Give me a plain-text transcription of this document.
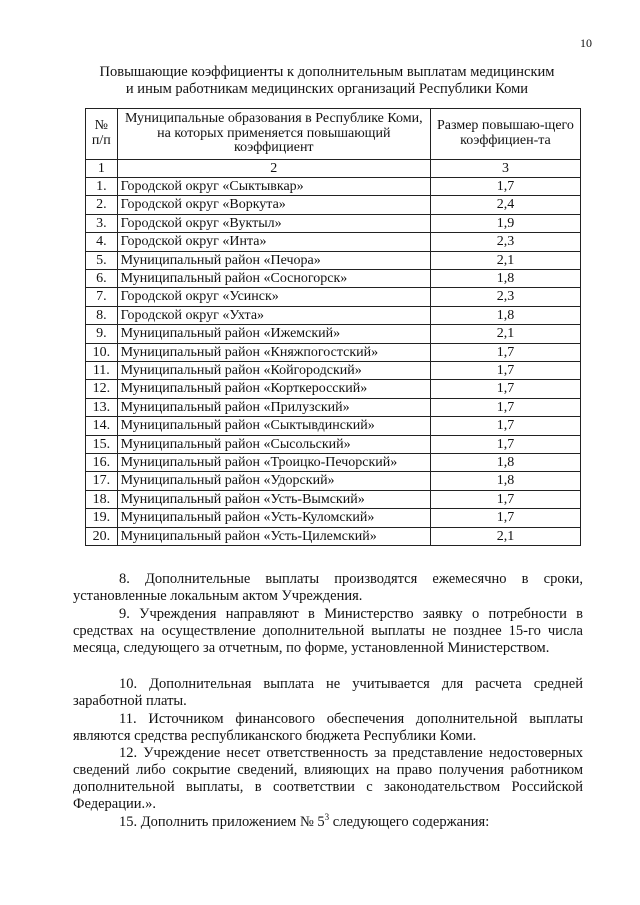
10
Повышающие коэффициенты к дополнительным выплатам медицинским
и иным работникам медицинских организаций Республики Коми
№ п/п	Муниципальные образования в Республике Коми, на которых применяется повышающий коэффициент	Размер повышаю-щего коэффициен-та
1	2	3
1.	Городской округ «Сыктывкар»	1,7
2.	Городской округ «Воркута»	2,4
3.	Городской округ «Вуктыл»	1,9
4.	Городской округ «Инта»	2,3
5.	Муниципальный район «Печора»	2,1
6.	Муниципальный район «Сосногорск»	1,8
7.	Городской округ «Усинск»	2,3
8.	Городской округ «Ухта»	1,8
9.	Муниципальный район «Ижемский»	2,1
10.	Муниципальный район «Княжпогостский»	1,7
11.	Муниципальный район «Койгородский»	1,7
12.	Муниципальный район «Корткеросский»	1,7
13.	Муниципальный район «Прилузский»	1,7
14.	Муниципальный район «Сыктывдинский»	1,7
15.	Муниципальный район «Сысольский»	1,7
16.	Муниципальный район «Троицко-Печорский»	1,8
17.	Муниципальный район «Удорский»	1,8
18.	Муниципальный район «Усть-Вымский»	1,7
19.	Муниципальный район «Усть-Куломский»	1,7
20.	Муниципальный район «Усть-Цилемский»	2,1

8. Дополнительные выплаты производятся ежемесячно в сроки, установленные локальным актом Учреждения.

9. Учреждения направляют в Министерство заявку о потребности в средствах на осуществление дополнительной выплаты не позднее 15-го числа месяца, следующего за отчетным, по форме, установленной Министерством.

10. Дополнительная выплата не учитывается для расчета средней заработной платы.

11. Источником финансового обеспечения дополнительной выплаты являются средства республиканского бюджета Республики Коми.

12. Учреждение несет ответственность за представление недостоверных сведений либо сокрытие сведений, влияющих на право получения работником дополнительной выплаты, в соответствии с законодательством Российской Федерации.».

15. Дополнить приложением № $5^3$ следующего содержания:
